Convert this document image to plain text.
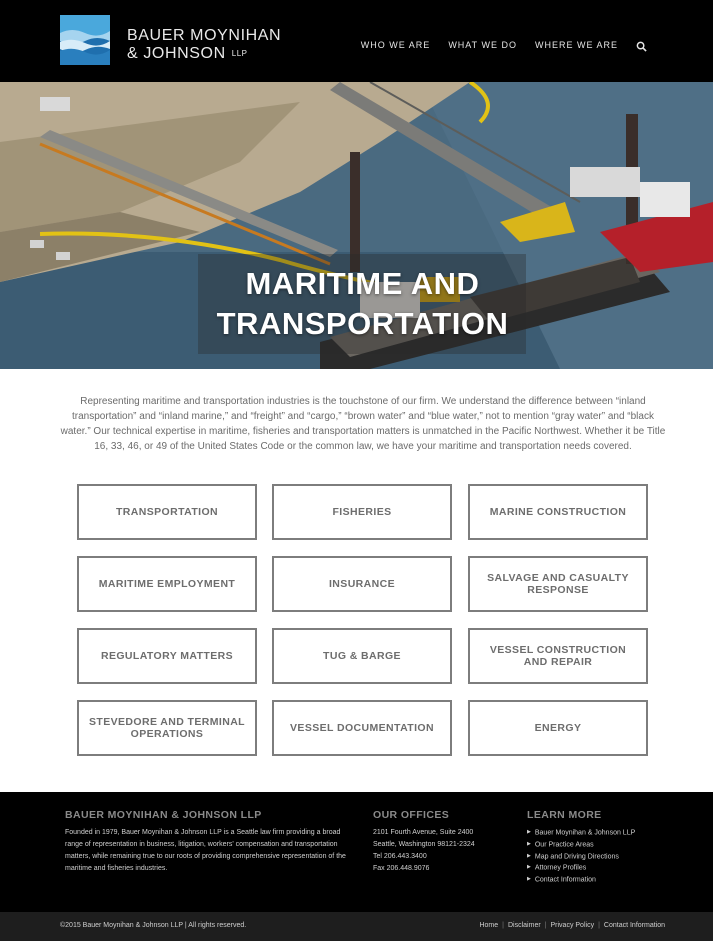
BAUER MOYNIHAN
& JOHNSON $^{LLP}$
WHO WE ARE WHAT WE DO WHERE WE ARE
MARITIME AND
TRANSPORTATION

Representing maritime and transportation industries is the touchstone of our firm. We understand the difference between “inland transportation” and “inland marine,” and “freight” and “cargo,” “brown water” and “blue water,” not to mention “gray water” and “black water.” Our technical expertise in maritime, fisheries and transportation matters is unmatched in the Pacific Northwest. Whether it be Title 16, 33, 46, or 49 of the United States Code or the common law, we have your maritime and transportation needs covered.

TRANSPORTATION	FISHERIES	MARINE CONSTRUCTION
MARITIME EMPLOYMENT	INSURANCE	SALVAGE AND CASUALTY RESPONSE
REGULATORY MATTERS	TUG & BARGE	VESSEL CONSTRUCTION AND REPAIR
STEVEDORE AND TERMINAL OPERATIONS	VESSEL DOCUMENTATION	ENERGY
BAUER MOYNIHAN & JOHNSON LLP

Founded in 1979, Bauer Moynihan & Johnson LLP is a Seattle law firm providing a broad range of representation in business, litigation, workers' compensation and transportation matters, while remaining true to our roots of providing comprehensive representation of the maritime and fisheries industries.

OUR OFFICES

2101 Fourth Avenue, Suite 2400

Seattle, Washington 98121-2324

Tel 206.443.3400

Fax 206.448.9076

LEARN MORE
▶ Bauer Moynihan & Johnson LLP
▶ Our Practice Areas
▶ Map and Driving Directions
▶ Attorney Profiles
▶ Contact Information
©2015 Bauer Moynihan & Johnson LLP | All rights reserved.	Home | Disclaimer | Privacy Policy | Contact Information
